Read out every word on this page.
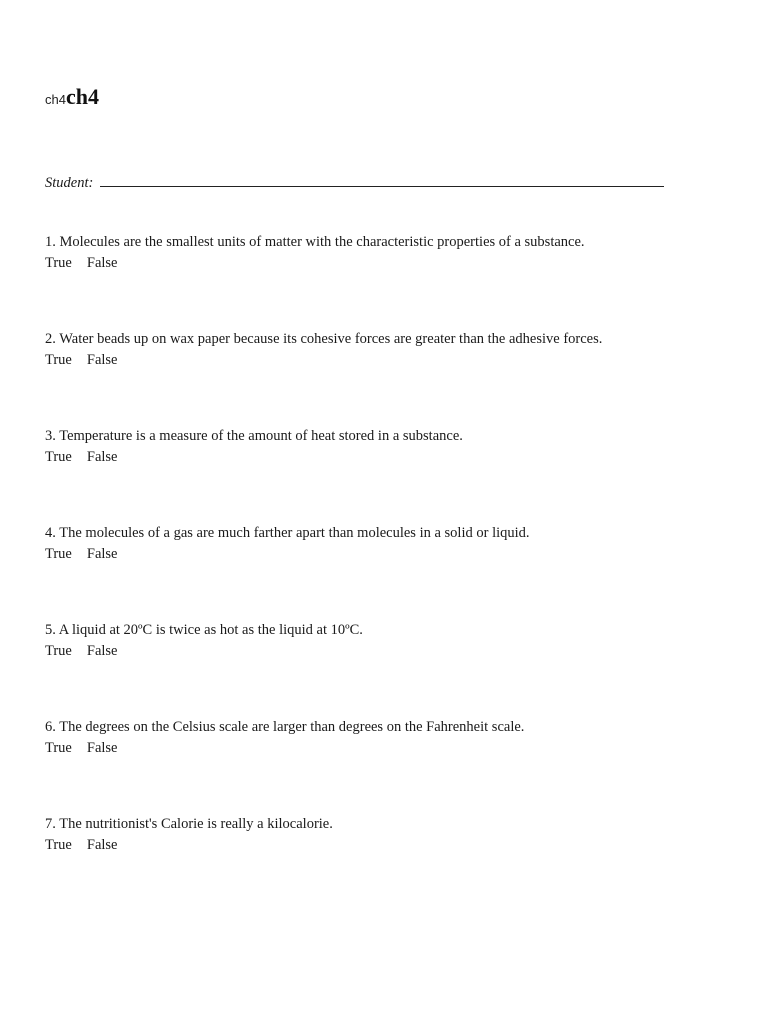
ch4ch4
Student:
1. Molecules are the smallest units of matter with the characteristic properties of a substance.
True False
2. Water beads up on wax paper because its cohesive forces are greater than the adhesive forces.
True False
3. Temperature is a measure of the amount of heat stored in a substance.
True False
4. The molecules of a gas are much farther apart than molecules in a solid or liquid.
True False
5. A liquid at 20ºC is twice as hot as the liquid at 10ºC.
True False
6. The degrees on the Celsius scale are larger than degrees on the Fahrenheit scale.
True False
7. The nutritionist's Calorie is really a kilocalorie.
True False
